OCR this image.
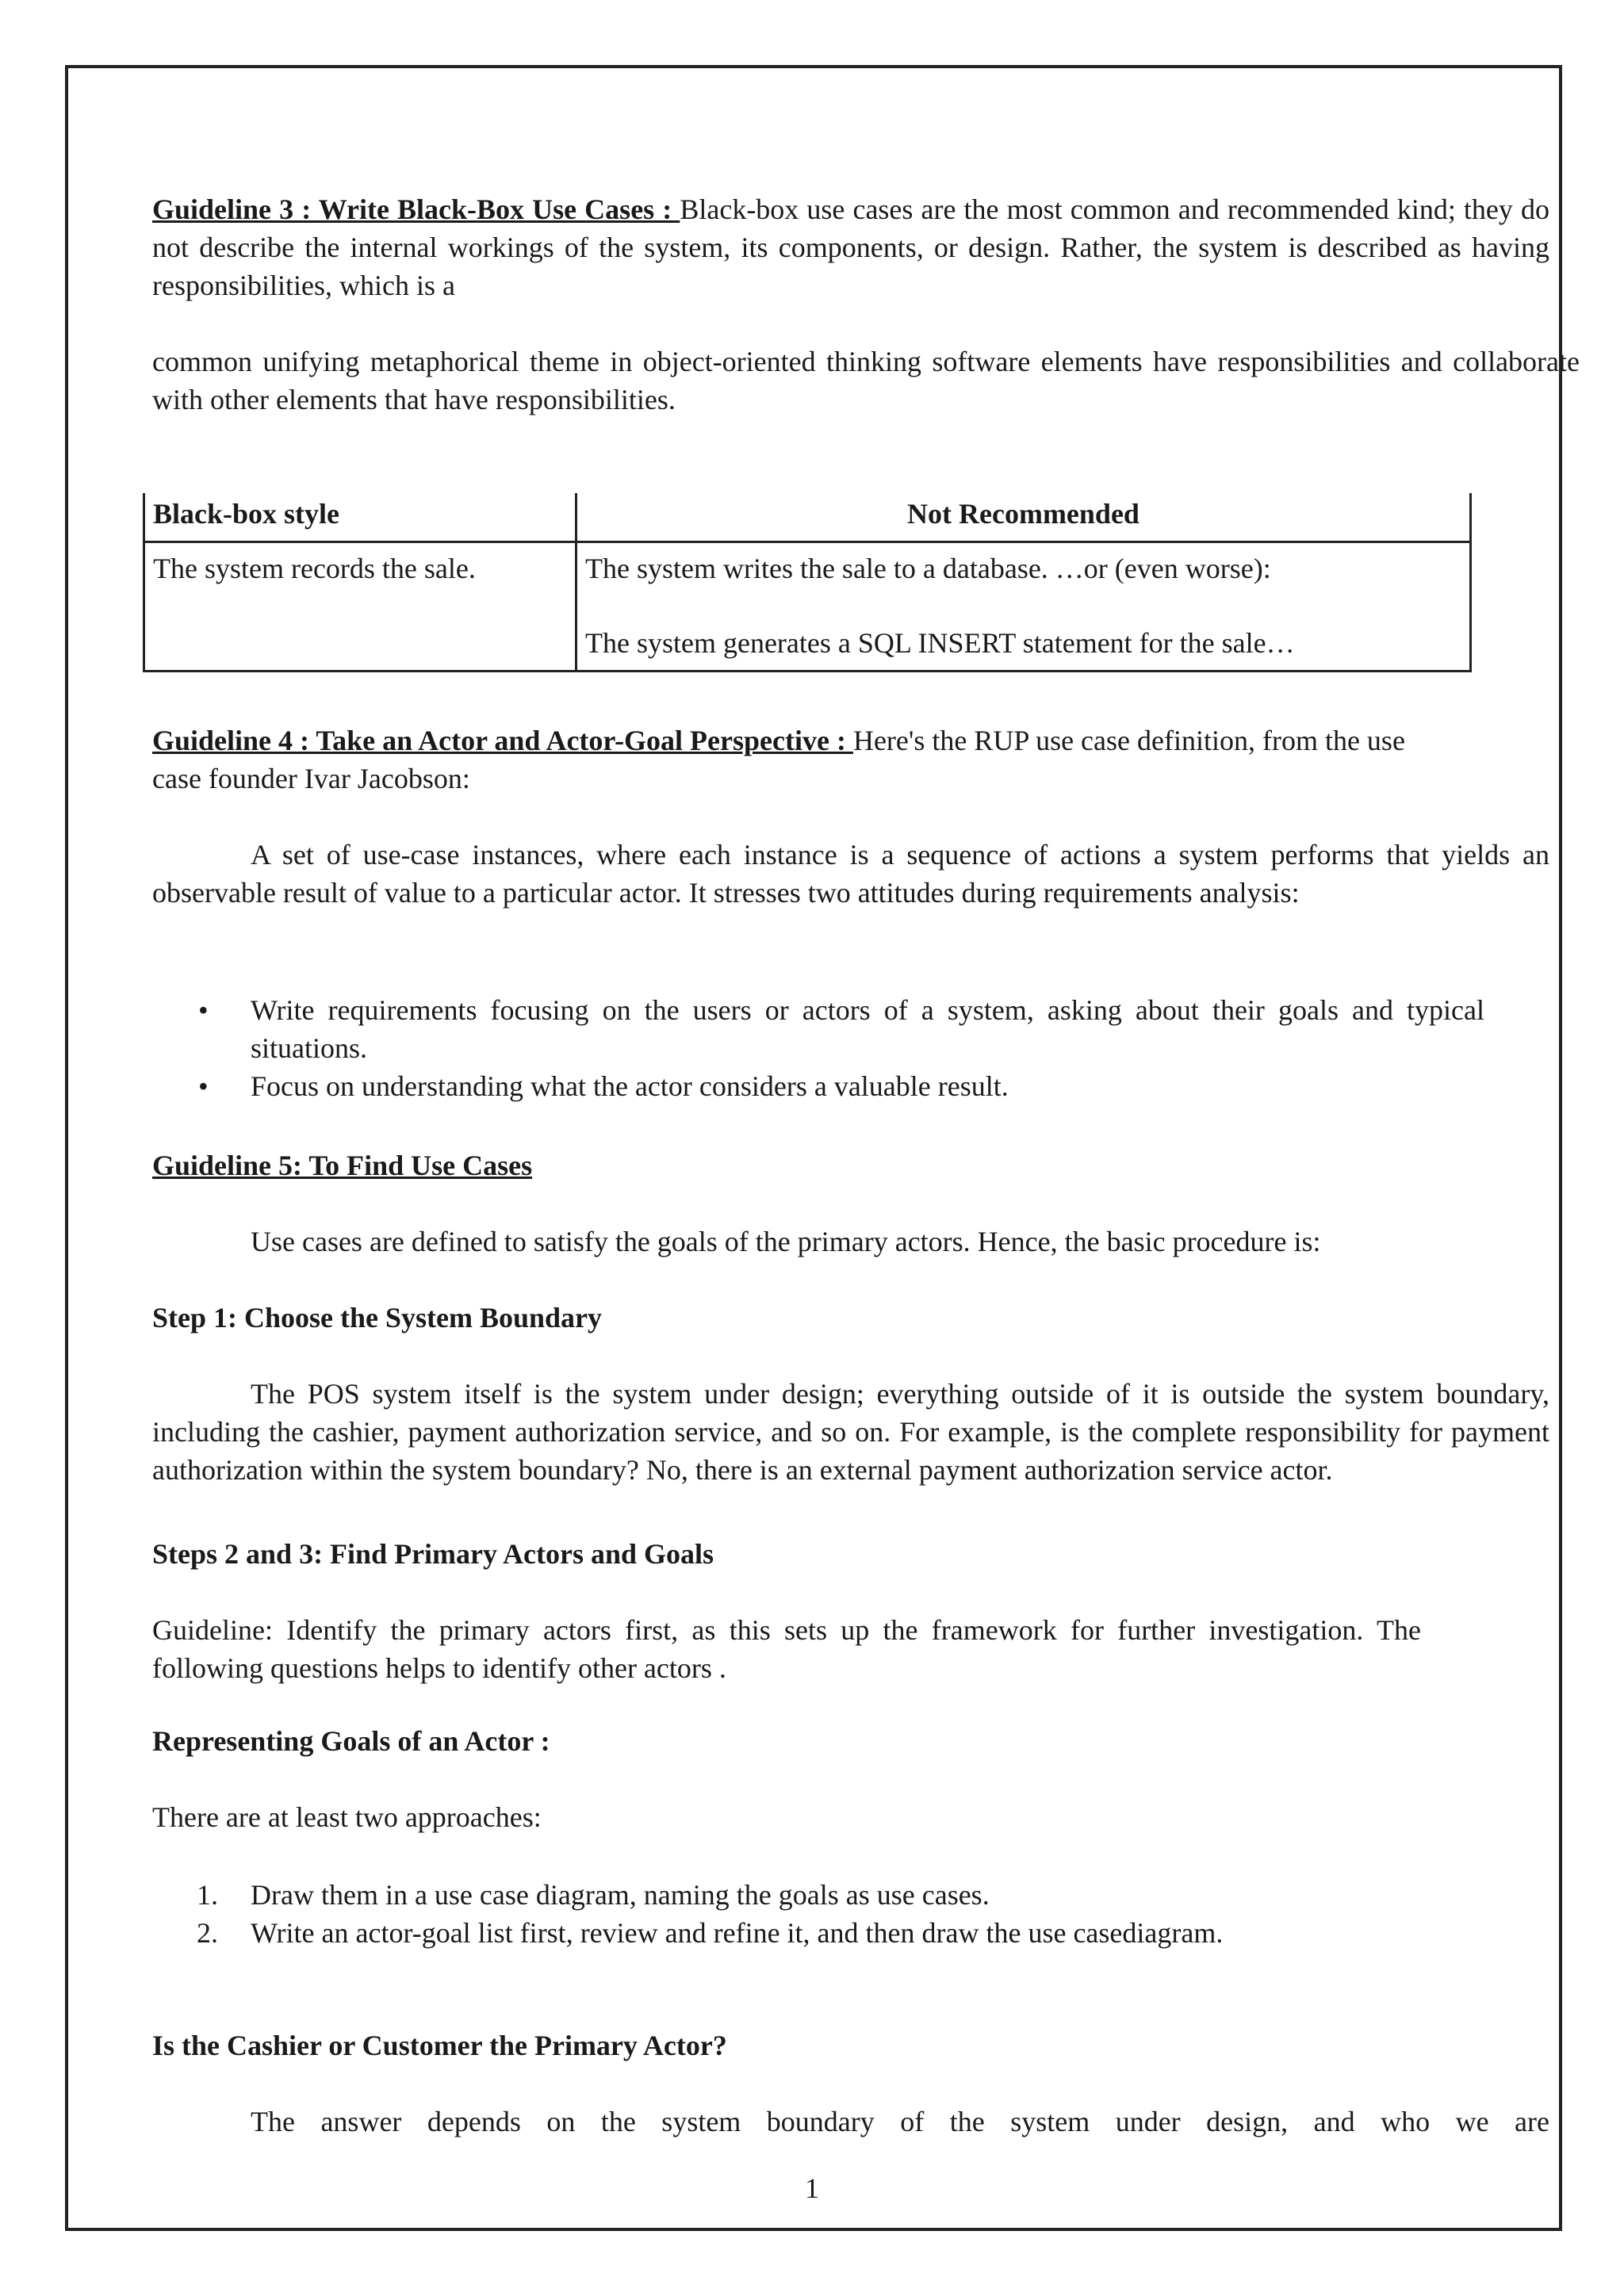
Guideline 3 : Write Black-Box Use Cases : Black-box use cases are the most common and recommended kind; they do not describe the internal workings of the system, its components, or design. Rather, the system is described as having responsibilities, which is a
common unifying metaphorical theme in object-oriented thinking software elements have responsibilities and collaborate with other elements that have responsibilities.
Black-box style	Not Recommended
The system records the sale.	The system writes the sale to a database. …or (even worse):
The system generates a SQL INSERT statement for the sale…
Guideline 4 : Take an Actor and Actor-Goal Perspective : Here's the RUP use case definition, from the use case founder Ivar Jacobson:
A set of use-case instances, where each instance is a sequence of actions a system performs that yields an observable result of value to a particular actor. It stresses two attitudes during requirements analysis:
• Write requirements focusing on the users or actors of a system, asking about their goals and typical situations.
• Focus on understanding what the actor considers a valuable result.
Guideline 5: To Find Use Cases
Use cases are defined to satisfy the goals of the primary actors. Hence, the basic procedure is:
Step 1: Choose the System Boundary
The POS system itself is the system under design; everything outside of it is outside the system boundary, including the cashier, payment authorization service, and so on. For example, is the complete responsibility for payment authorization within the system boundary? No, there is an external payment authorization service actor.
Steps 2 and 3: Find Primary Actors and Goals
Guideline: Identify the primary actors first, as this sets up the framework for further investigation. The following questions helps to identify other actors .
Representing Goals of an Actor :
There are at least two approaches:
1. Draw them in a use case diagram, naming the goals as use cases.
2. Write an actor-goal list first, review and refine it, and then draw the use casediagram.
Is the Cashier or Customer the Primary Actor?
The answer depends on the system boundary of the system under design, and who we are
1
